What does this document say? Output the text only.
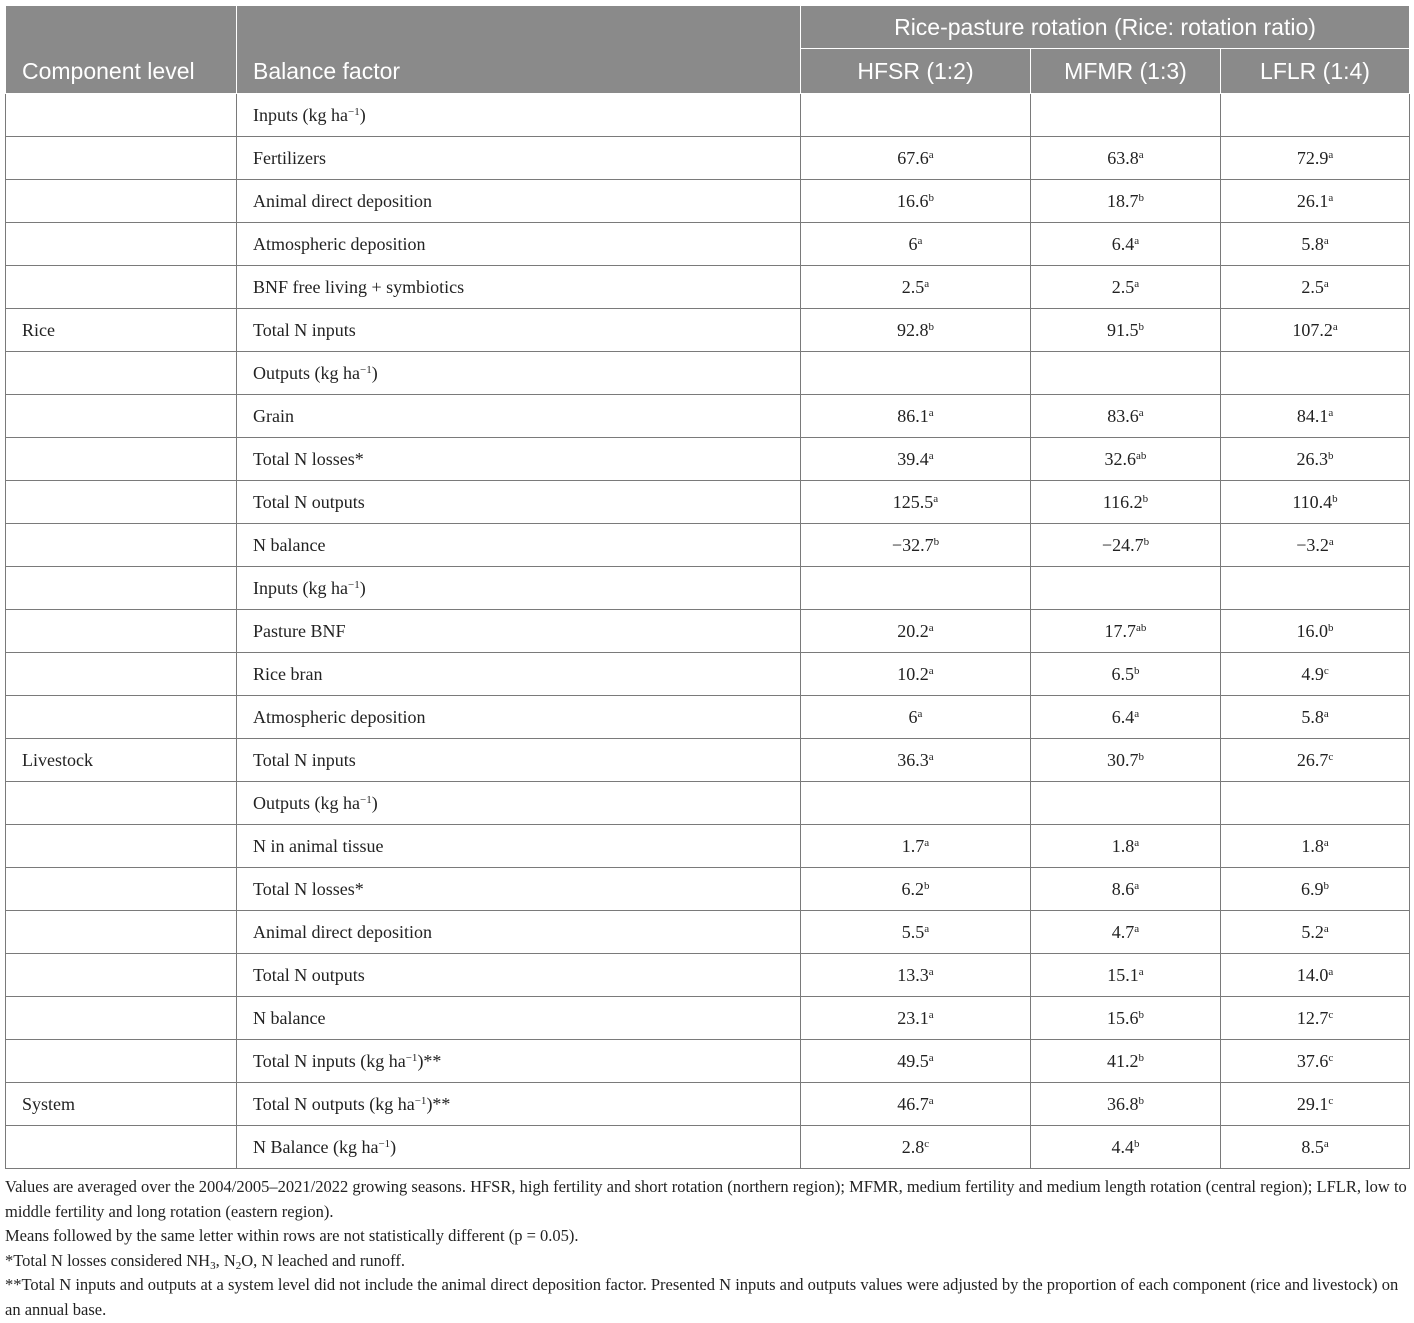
Component level	Balance factor	Rice-pasture rotation (Rice: rotation ratio)		
		HFSR (1:2)	MFMR (1:3)	LFLR (1:4)
	Inputs (kg $ha^{-1}$)			
	Fertilizers	67.6$^a$	63.8$^a$	72.9$^a$
	Animal direct deposition	16.6$^b$	18.7$^b$	26.1$^a$
	Atmospheric deposition	6$^a$	6.4$^a$	5.8$^a$
	BNF free living + symbiotics	2.5$^a$	2.5$^a$	2.5$^a$
Rice	Total N inputs	92.8$^b$	91.5$^b$	107.2$^a$
	Outputs (kg $ha^{-1}$)			
	Grain	86.1$^a$	83.6$^a$	84.1$^a$
	Total N losses*	39.4$^a$	32.6$^{ab}$	26.3$^b$
	Total N outputs	125.5$^a$	116.2$^b$	110.4$^b$
	N balance	−32.7$^b$	−24.7$^b$	−3.2$^a$
	Inputs (kg $ha^{-1}$)			
	Pasture BNF	20.2$^a$	17.7$^{ab}$	16.0$^b$
	Rice bran	10.2$^a$	6.5$^b$	4.9$^c$
	Atmospheric deposition	6$^a$	6.4$^a$	5.8$^a$
Livestock	Total N inputs	36.3$^a$	30.7$^b$	26.7$^c$
	Outputs (kg $ha^{-1}$)			
	N in animal tissue	1.7$^a$	1.8$^a$	1.8$^a$
	Total N losses*	6.2$^b$	8.6$^a$	6.9$^b$
	Animal direct deposition	5.5$^a$	4.7$^a$	5.2$^a$
	Total N outputs	13.3$^a$	15.1$^a$	14.0$^a$
	N balance	23.1$^a$	15.6$^b$	12.7$^c$
	Total N inputs (kg $ha^{-1})**$	49.5$^a$	41.2$^b$	37.6$^c$
System	Total N outputs (kg $ha^{-1})**$	46.7$^a$	36.8$^b$	29.1$^c$
	N Balance (kg $ha^{-1}$)	2.8$^c$	4.4$^b$	8.5$^a$

Values are averaged over the 2004/2005–2021/2022 growing seasons. HFSR, high fertility and short rotation (northern region); MFMR, medium fertility and medium length rotation (central region); LFLR, low to middle fertility and long rotation (eastern region).

Means followed by the same letter within rows are not statistically different (p = 0.05).

*Total N losses considered $NH_3$, $N_2O$, N leached and runoff.

**Total N inputs and outputs at a system level did not include the animal direct deposition factor. Presented N inputs and outputs values were adjusted by the proportion of each component (rice and livestock) on an annual base.
